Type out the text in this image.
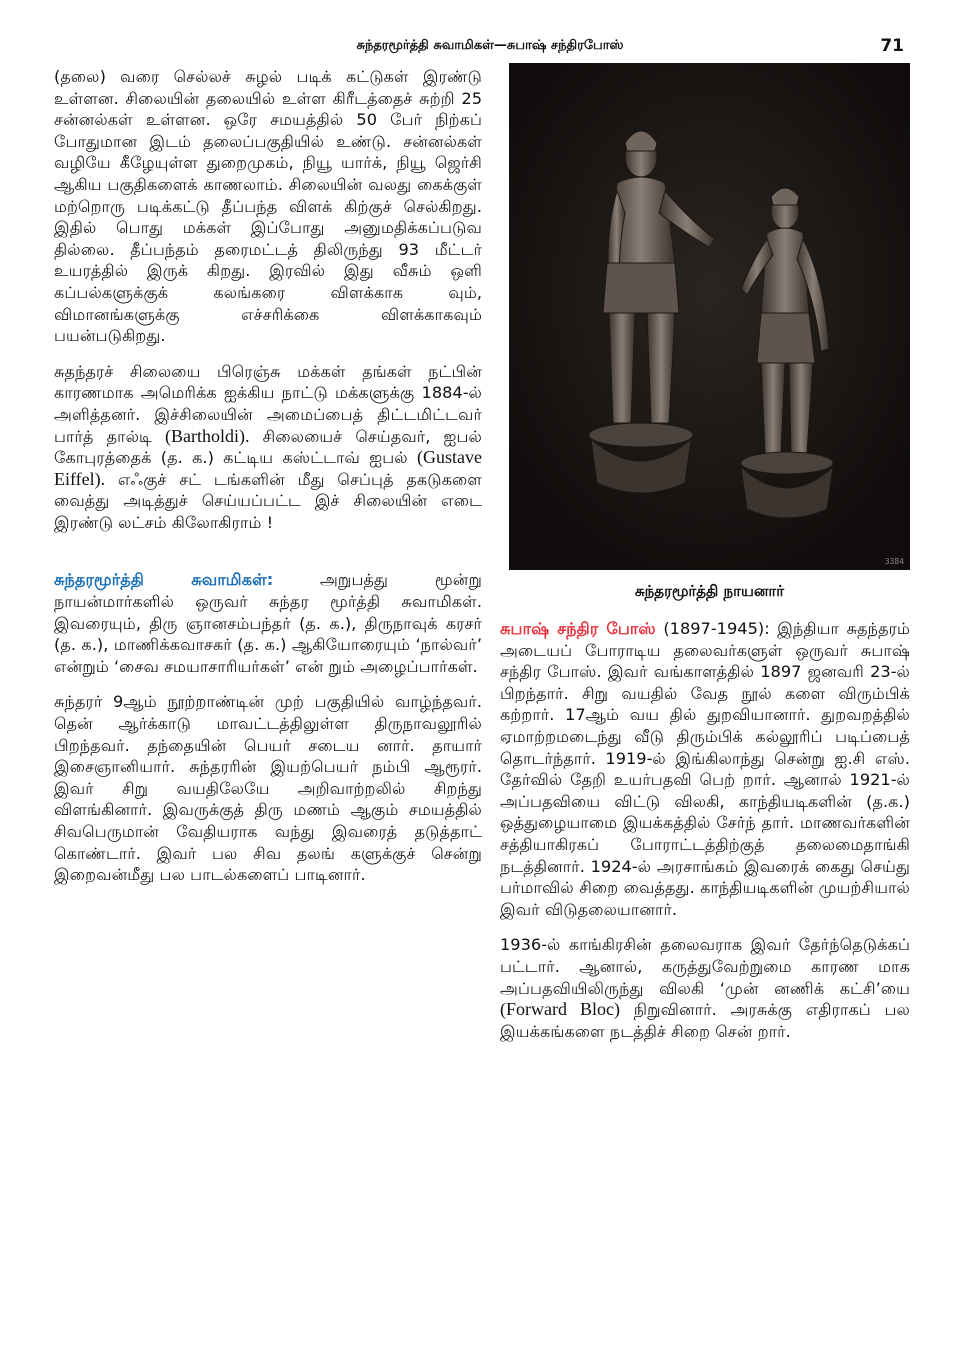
சுந்தரமூர்த்தி சுவாமிகள்—சுபாஷ் சந்திரபோஸ்	71

(தலை) வரை செல்லச் சுழல் படிக் கட்டுகள் இரண்டு உள்ளன. சிலையின் தலையில் உள்ள கிரீடத்தைச் சுற்றி 25 சன்னல்கள் உள்ளன. ஒரே சமயத்தில் 50 பேர் நிற்கப் போதுமான இடம் தலைப்பகுதியில் உண்டு. சன்னல்கள் வழியே கீழேயுள்ள துறைமுகம், நியூ யார்க், நியூ ஜெர்சி ஆகிய பகுதிகளைக் காணலாம். சிலையின் வலது கைக்குள் மற்றொரு படிக்கட்டு தீப்பந்த விளக் கிற்குச் செல்கிறது. இதில் பொது மக்கள் இப்போது அனுமதிக்கப்படுவ தில்லை. தீப்பந்தம் தரைமட்டத் திலிருந்து 93 மீட்டர் உயரத்தில் இருக் கிறது. இரவில் இது வீசும் ஒளி கப்பல்களுக்குக் கலங்கரை விளக்காக வும், விமானங்களுக்கு எச்சரிக்கை விளக்காகவும் பயன்படுகிறது.

சுதந்தரச் சிலையை பிரெஞ்சு மக்கள் தங்கள் நட்பின் காரணமாக அமெரிக்க ஐக்கிய நாட்டு மக்களுக்கு 1884-ல் அளித்தனர். இச்சிலையின் அமைப்பைத் திட்டமிட்டவர் பார்த் தால்டி (Bartholdi). சிலையைச் செய்தவர், ஐபல் கோபுரத்தைக் (த. க.) கட்டிய கஸ்ட்டாவ் ஐபல் (Gustave Eiffel). எஃகுச் சட் டங்களின் மீது செப்புத் தகடுகளை வைத்து அடித்துச் செய்யப்பட்ட இச் சிலையின் எடை இரண்டு லட்சம் கிலோகிராம் !

சுந்தரமூர்த்தி சுவாமிகள்:	அறுபத்து மூன்று நாயன்மார்களில் ஒருவர் சுந்தர மூர்த்தி சுவாமிகள். இவரையும், திரு ஞானசம்பந்தர் (த. க.), திருநாவுக் கரசர் (த. க.), மாணிக்கவாசகர் (த. க.) ஆகியோரையும் ‘நால்வர்’ என்றும் ‘சைவ சமயாசாரியர்கள்’ என் றும் அழைப்பார்கள்.

சுந்தரர் 9ஆம் நூற்றாண்டின் முற் பகுதியில் வாழ்ந்தவர். தென் ஆர்க்காடு மாவட்டத்திலுள்ள திருநாவலூரில் பிறந்தவர். தந்தையின் பெயர் சடைய னார். தாயார் இசைஞானியார். சுந்தரரின் இயற்பெயர் நம்பி ஆரூரர். இவர் சிறு வயதிலேயே அறிவாற்றலில் சிறந்து விளங்கினார். இவருக்குத் திரு மணம் ஆகும் சமயத்தில் சிவபெருமான் வேதியராக வந்து இவரைத் தடுத்தாட் கொண்டார். இவர் பல சிவ தலங் களுக்குச் சென்று இறைவன்மீது பல பாடல்களைப் பாடினார்.

3384
சுந்தரமூர்த்தி நாயனார்

சுபாஷ் சந்திர போஸ் (1897-1945): இந்தியா சுதந்தரம் அடையப் போராடிய தலைவர்களுள் ஒருவர் சுபாஷ் சந்திர போஸ். இவர் வங்காளத்தில் 1897 ஜனவரி 23-ல் பிறந்தார். சிறு வயதில் வேத நூல் களை விரும்பிக் கற்றார். 17ஆம் வய தில் துறவியானார். துறவறத்தில் ஏமாற்றமடைந்து வீடு திரும்பிக் கல்லூரிப் படிப்பைத் தொடர்ந்தார். 1919-ல் இங்கிலாந்து சென்று ஐ.சி எஸ். தேர்வில் தேறி உயர்பதவி பெற் றார். ஆனால் 1921-ல் அப்பதவியை விட்டு விலகி, காந்தியடிகளின் (த.க.) ஒத்துழையாமை இயக்கத்தில் சேர்ந் தார். மாணவர்களின் சத்தியாகிரகப் போராட்டத்திற்குத் தலைமைதாங்கி நடத்தினார். 1924-ல் அரசாங்கம் இவரைக் கைது செய்து பர்மாவில் சிறை வைத்தது. காந்தியடிகளின் முயற்சியால் இவர் விடுதலையானார்.

1936-ல் காங்கிரசின் தலைவராக இவர் தேர்ந்தெடுக்கப் பட்டார். ஆனால், கருத்துவேற்றுமை காரண மாக அப்பதவியிலிருந்து விலகி ‘முன் னணிக் கட்சி’யை (Forward Bloc) நிறுவினார். அரசுக்கு எதிராகப் பல இயக்கங்களை நடத்திச் சிறை சென் றார்.
